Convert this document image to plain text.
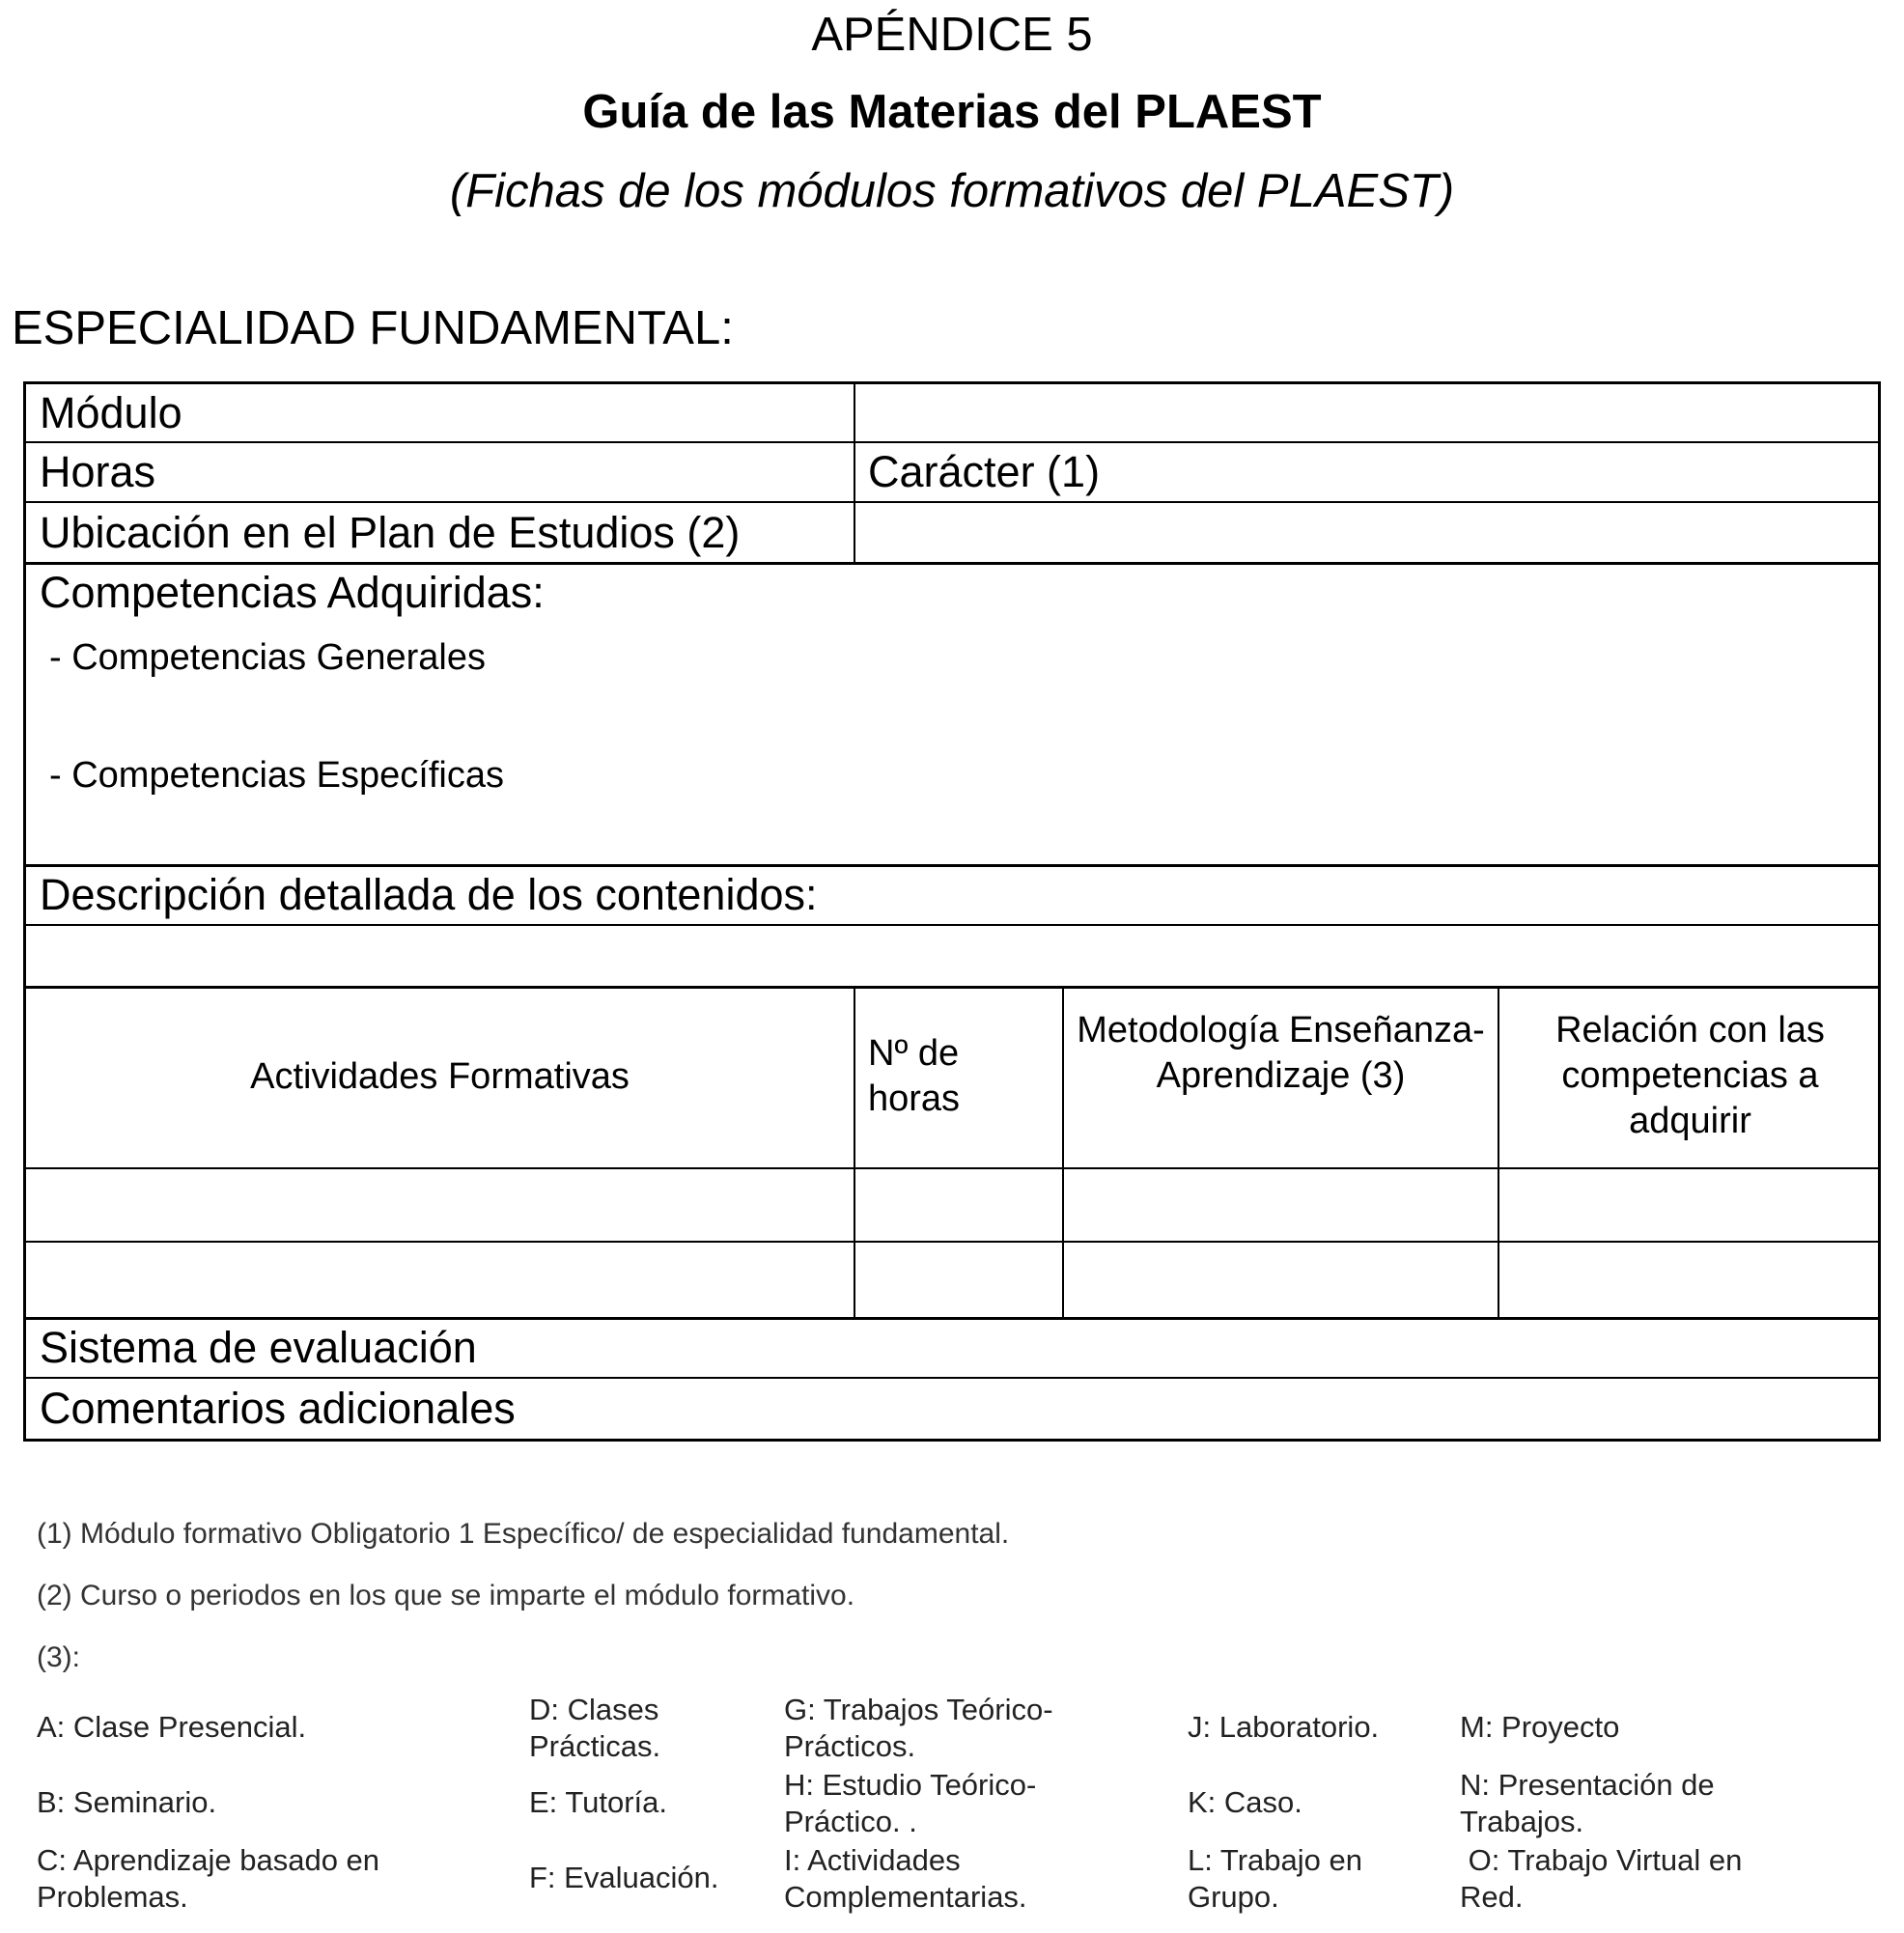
APÉNDICE 5
Guía de las Materias del PLAEST
(Fichas de los módulos formativos del PLAEST)
ESPECIALIDAD FUNDAMENTAL:
Módulo
Horas	Carácter (1)
Ubicación en el Plan de Estudios (2)
Competencias Adquiridas:
- Competencias Generales
- Competencias Específicas
Descripción detallada de los contenidos:
Actividades Formativas
Nº de horas
Metodología Enseñanza-Aprendizaje (3)
Relación con las competencias a adquirir
Sistema de evaluación
Comentarios adicionales
(1) Módulo formativo Obligatorio 1 Específico/ de especialidad fundamental.
(2) Curso o periodos en los que se imparte el módulo formativo.
(3):
A: Clase Presencial.
B: Seminario.
C: Aprendizaje basado en Problemas.
D: Clases Prácticas.
E: Tutoría.
F: Evaluación.
G: Trabajos Teórico-Prácticos.
H: Estudio Teórico-Práctico. .
I: Actividades Complementarias.
J: Laboratorio.
K: Caso.
L: Trabajo en Grupo.
M: Proyecto
N: Presentación de Trabajos.
O: Trabajo Virtual en Red.
